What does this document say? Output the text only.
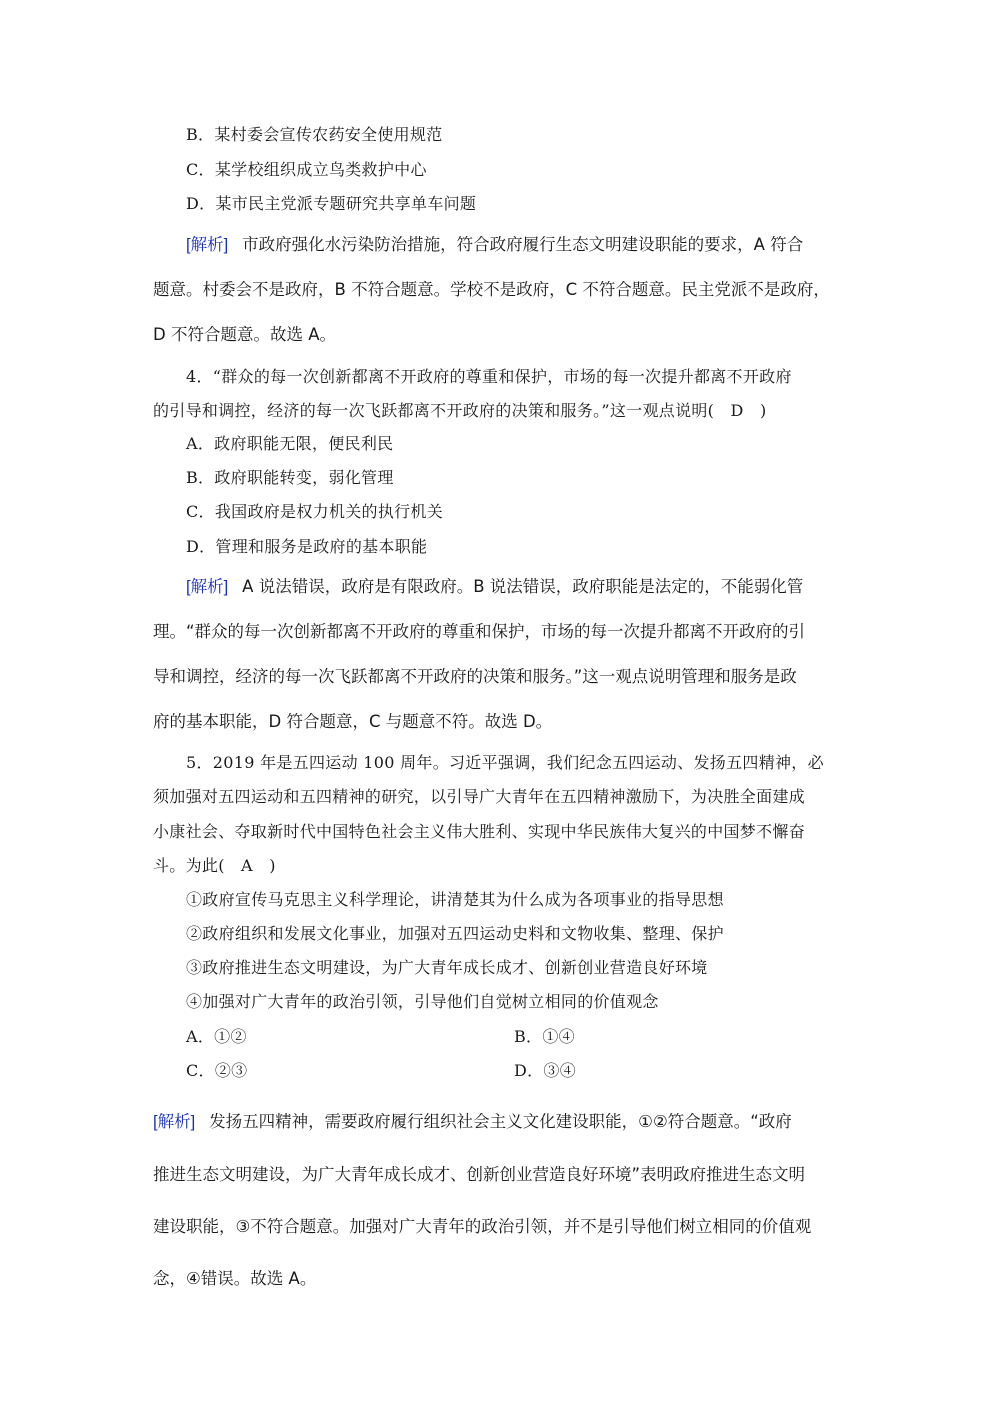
B．某村委会宣传农药安全使用规范
C．某学校组织成立鸟类救护中心
D．某市民主党派专题研究共享单车问题
[解析] 市政府强化水污染防治措施，符合政府履行生态文明建设职能的要求，A 符合
题意。村委会不是政府，B 不符合题意。学校不是政府，C 不符合题意。民主党派不是政府，
D 不符合题意。故选 A。
4．“群众的每一次创新都离不开政府的尊重和保护，市场的每一次提升都离不开政府
的引导和调控，经济的每一次飞跃都离不开政府的决策和服务。”这一观点说明(　D　)
A．政府职能无限，便民利民
B．政府职能转变，弱化管理
C．我国政府是权力机关的执行机关
D．管理和服务是政府的基本职能
[解析] A 说法错误，政府是有限政府。B 说法错误，政府职能是法定的，不能弱化管
理。“群众的每一次创新都离不开政府的尊重和保护，市场的每一次提升都离不开政府的引
导和调控，经济的每一次飞跃都离不开政府的决策和服务。”这一观点说明管理和服务是政
府的基本职能，D 符合题意，C 与题意不符。故选 D。
5．2019 年是五四运动 100 周年。习近平强调，我们纪念五四运动、发扬五四精神，必
须加强对五四运动和五四精神的研究，以引导广大青年在五四精神激励下，为决胜全面建成
小康社会、夺取新时代中国特色社会主义伟大胜利、实现中华民族伟大复兴的中国梦不懈奋
斗。为此(　A　)
①政府宣传马克思主义科学理论，讲清楚其为什么成为各项事业的指导思想
②政府组织和发展文化事业，加强对五四运动史料和文物收集、整理、保护
③政府推进生态文明建设，为广大青年成长成才、创新创业营造良好环境
④加强对广大青年的政治引领，引导他们自觉树立相同的价值观念
A．①②	B．①④
C．②③	D．③④
[解析] 发扬五四精神，需要政府履行组织社会主义文化建设职能，①②符合题意。“政府
推进生态文明建设，为广大青年成长成才、创新创业营造良好环境”表明政府推进生态文明
建设职能，③不符合题意。加强对广大青年的政治引领，并不是引导他们树立相同的价值观
念，④错误。故选 A。
